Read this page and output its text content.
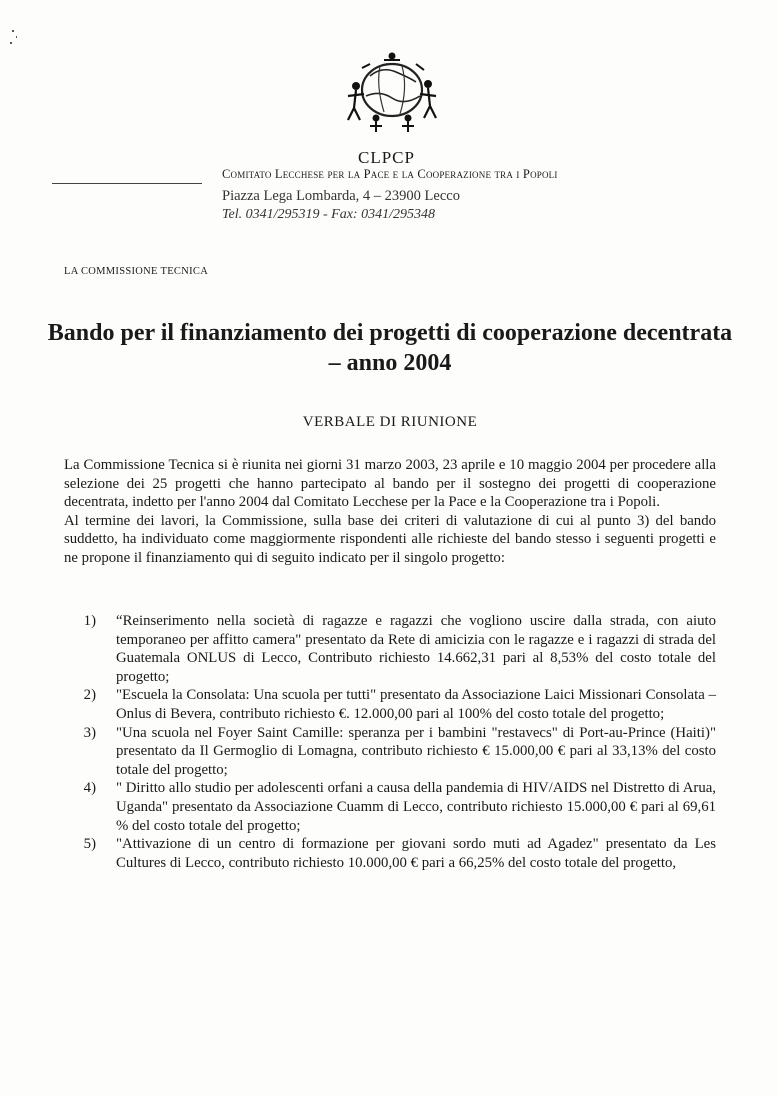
CLPCP
Comitato Lecchese per la Pace e la Cooperazione tra i Popoli
Piazza Lega Lombarda, 4 – 23900 Lecco
Tel. 0341/295319 - Fax: 0341/295348
LA COMMISSIONE TECNICA
Bando per il finanziamento dei progetti di cooperazione decentrata – anno 2004
VERBALE DI RIUNIONE

La Commissione Tecnica si è riunita nei giorni 31 marzo 2003, 23 aprile e 10 maggio 2004 per procedere alla selezione dei 25 progetti che hanno partecipato al bando per il sostegno dei progetti di cooperazione decentrata, indetto per l'anno 2004 dal Comitato Lecchese per la Pace e la Cooperazione tra i Popoli.

Al termine dei lavori, la Commissione, sulla base dei criteri di valutazione di cui al punto 3) del bando suddetto, ha individuato come maggiormente rispondenti alle richieste del bando stesso i seguenti progetti e ne propone il finanziamento qui di seguito indicato per il singolo progetto:

1)	“Reinserimento nella società di ragazze e ragazzi che vogliono uscire dalla strada, con aiuto temporaneo per affitto camera" presentato da Rete di amicizia con le ragazze e i ragazzi di strada del Guatemala ONLUS di Lecco, Contributo richiesto 14.662,31 pari al 8,53% del costo totale del progetto;
2)	"Escuela la Consolata: Una scuola per tutti" presentato da Associazione Laici Missionari Consolata –Onlus di Bevera, contributo richiesto €. 12.000,00 pari al 100% del costo totale del progetto;
3)	"Una scuola nel Foyer Saint Camille: speranza per i bambini "restavecs" di Port-au-Prince (Haiti)" presentato da Il Germoglio di Lomagna, contributo richiesto € 15.000,00 € pari al 33,13% del costo totale del progetto;
4)	" Diritto allo studio per adolescenti orfani a causa della pandemia di HIV/AIDS nel Distretto di Arua, Uganda" presentato da Associazione Cuamm di Lecco, contributo richiesto 15.000,00 € pari al 69,61 % del costo totale del progetto;
5)	"Attivazione di un centro di formazione per giovani sordo muti ad Agadez" presentato da Les Cultures di Lecco, contributo richiesto 10.000,00 € pari a 66,25% del costo totale del progetto,
